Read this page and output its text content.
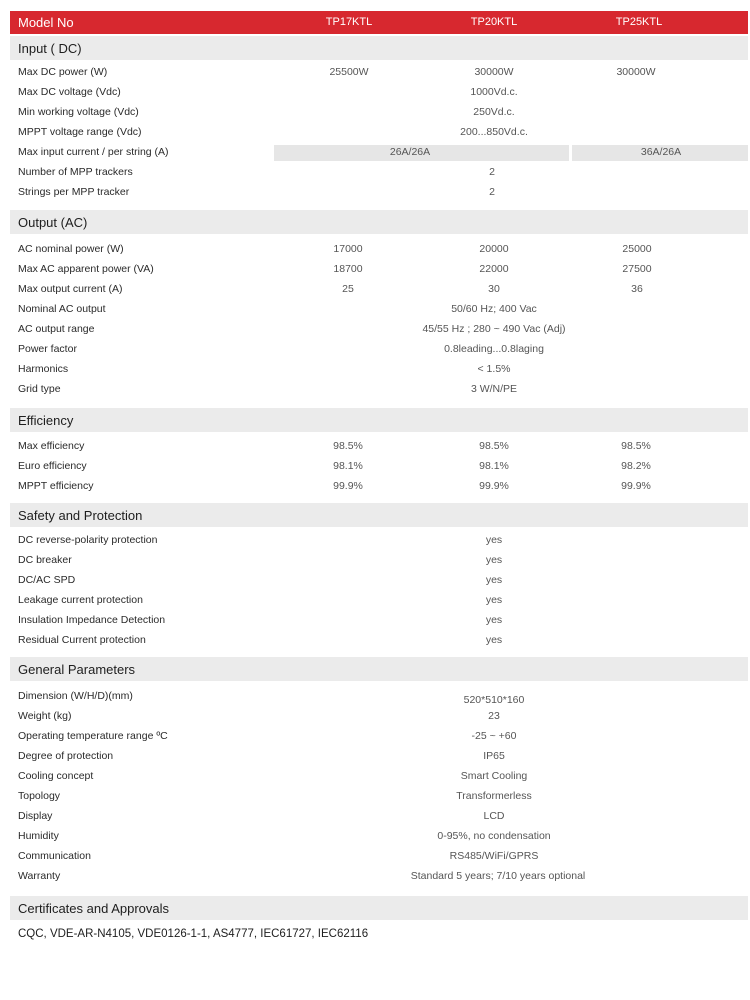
Model No	TP17KTL	TP20KTL	TP25KTL
Input ( DC)
Max DC power (W)	25500W	30000W	30000W
Max DC voltage (Vdc)	1000Vd.c.
Min working voltage (Vdc)	250Vd.c.
MPPT voltage range (Vdc)	200...850Vd.c.
Max input current / per string (A)	26A/26A	36A/26A
Number of MPP trackers	2
Strings per MPP tracker	2
Output (AC)
AC nominal power (W)	17000	20000	25000
Max AC apparent power (VA)	18700	22000	27500
Max output current (A)	25	30	36
Nominal AC output	50/60 Hz; 400 Vac
AC output range	45/55 Hz ; 280 ~ 490 Vac (Adj)
Power factor	0.8leading...0.8laging
Harmonics	< 1.5%
Grid type	3 W/N/PE
Efficiency
Max efficiency	98.5%	98.5%	98.5%
Euro efficiency	98.1%	98.1%	98.2%
MPPT efficiency	99.9%	99.9%	99.9%
Safety and Protection
DC reverse-polarity protection	yes
DC breaker	yes
DC/AC SPD	yes
Leakage current protection	yes
Insulation Impedance Detection	yes
Residual Current protection	yes
General Parameters
Dimension (W/H/D)(mm)	520*510*160
Weight (kg)	23
Operating temperature range ºC	-25 ~ +60
Degree of protection	IP65
Cooling concept	Smart Cooling
Topology	Transformerless
Display	LCD
Humidity	0-95%, no condensation
Communication	RS485/WiFi/GPRS
Warranty	Standard 5 years; 7/10 years optional
Certificates and Approvals
CQC, VDE-AR-N4105, VDE0126-1-1, AS4777, IEC61727, IEC62116
